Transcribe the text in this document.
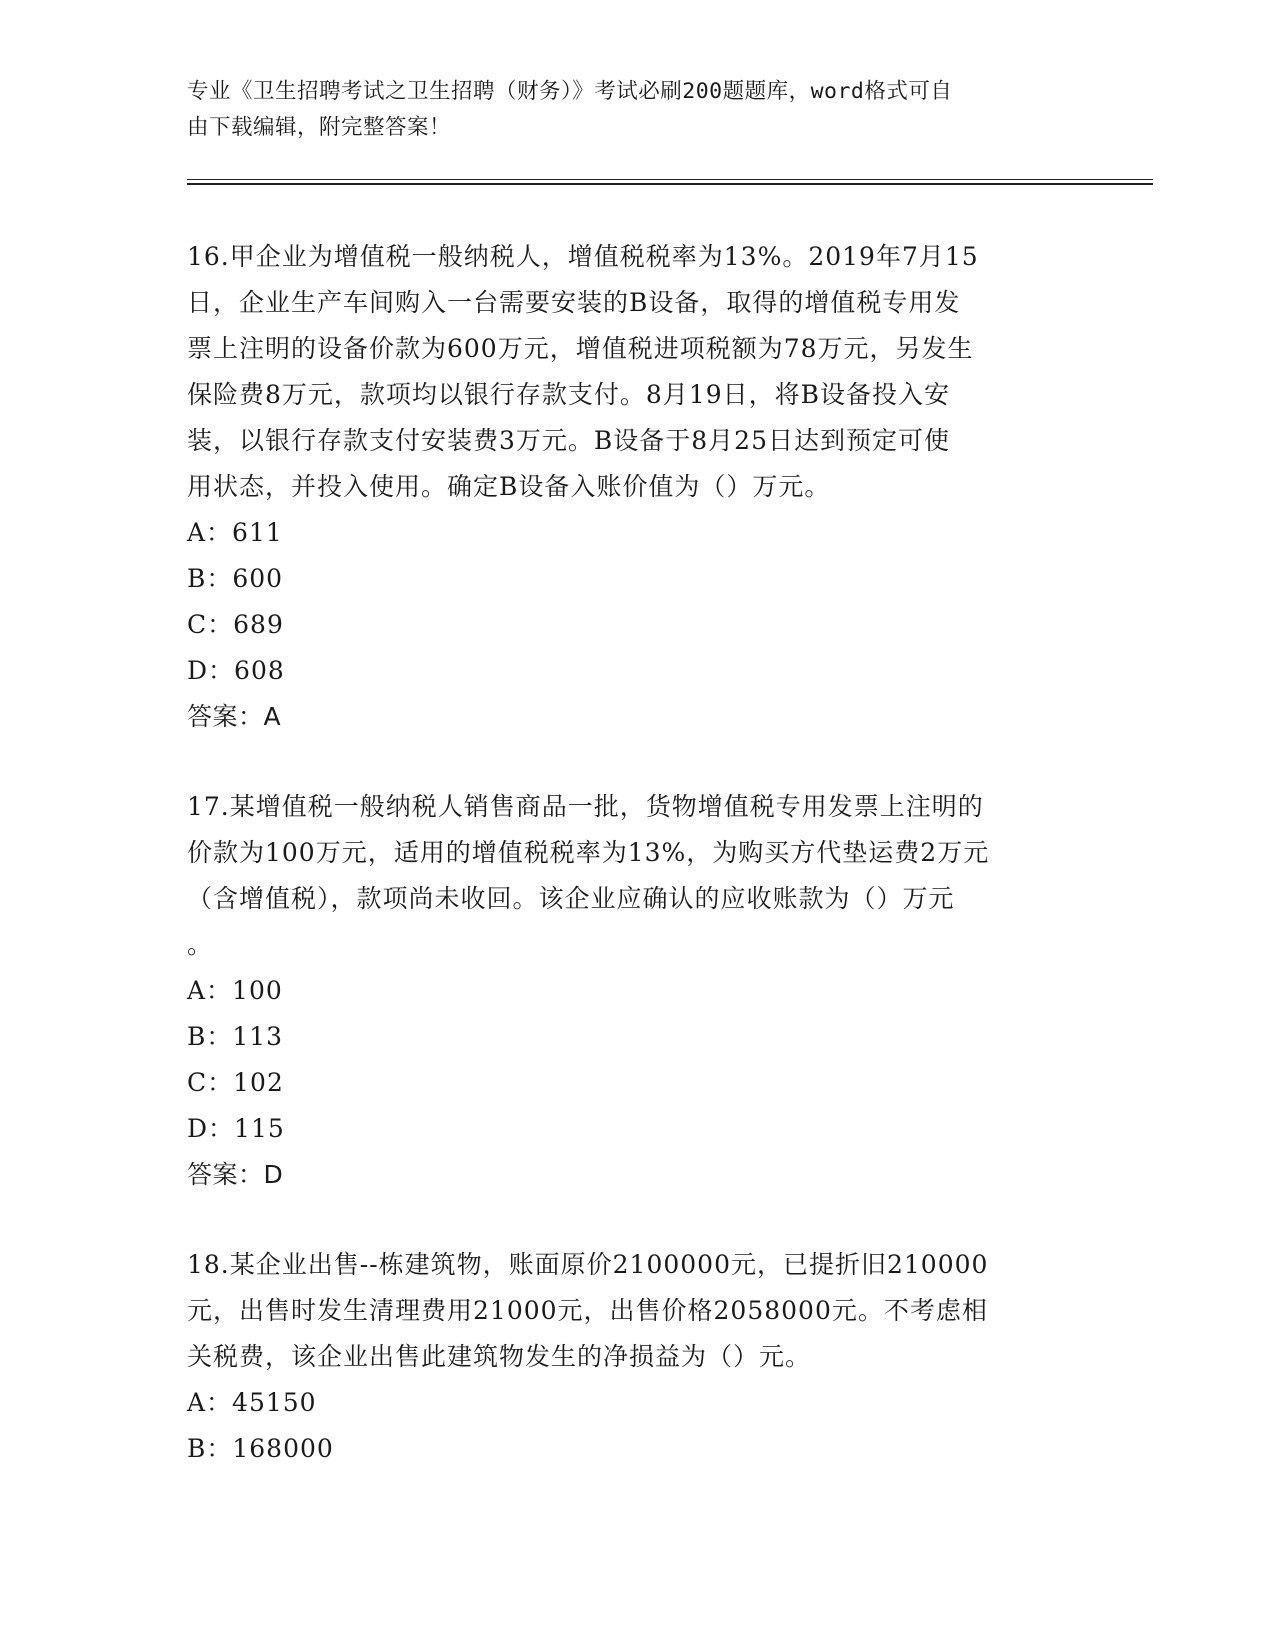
专业《卫生招聘考试之卫生招聘（财务）》考试必刷200题题库，word格式可自
由下载编辑，附完整答案！
16.甲企业为增值税一般纳税人，增值税税率为13%。2019年7月15
日，企业生产车间购入一台需要安装的B设备，取得的增值税专用发
票上注明的设备价款为600万元，增值税进项税额为78万元，另发生
保险费8万元，款项均以银行存款支付。8月19日，将B设备投入安
装，以银行存款支付安装费3万元。B设备于8月25日达到预定可使
用状态，并投入使用。确定B设备入账价值为（）万元。
A：611
B：600
C：689
D：608
答案：A
17.某增值税一般纳税人销售商品一批，货物增值税专用发票上注明的
价款为100万元，适用的增值税税率为13%，为购买方代垫运费2万元
（含增值税），款项尚未收回。该企业应确认的应收账款为（）万元
。
A：100
B：113
C：102
D：115
答案：D
18.某企业出售--栋建筑物，账面原价2100000元，已提折旧210000
元，出售时发生清理费用21000元，出售价格2058000元。不考虑相
关税费，该企业出售此建筑物发生的净损益为（）元。
A：45150
B：168000
